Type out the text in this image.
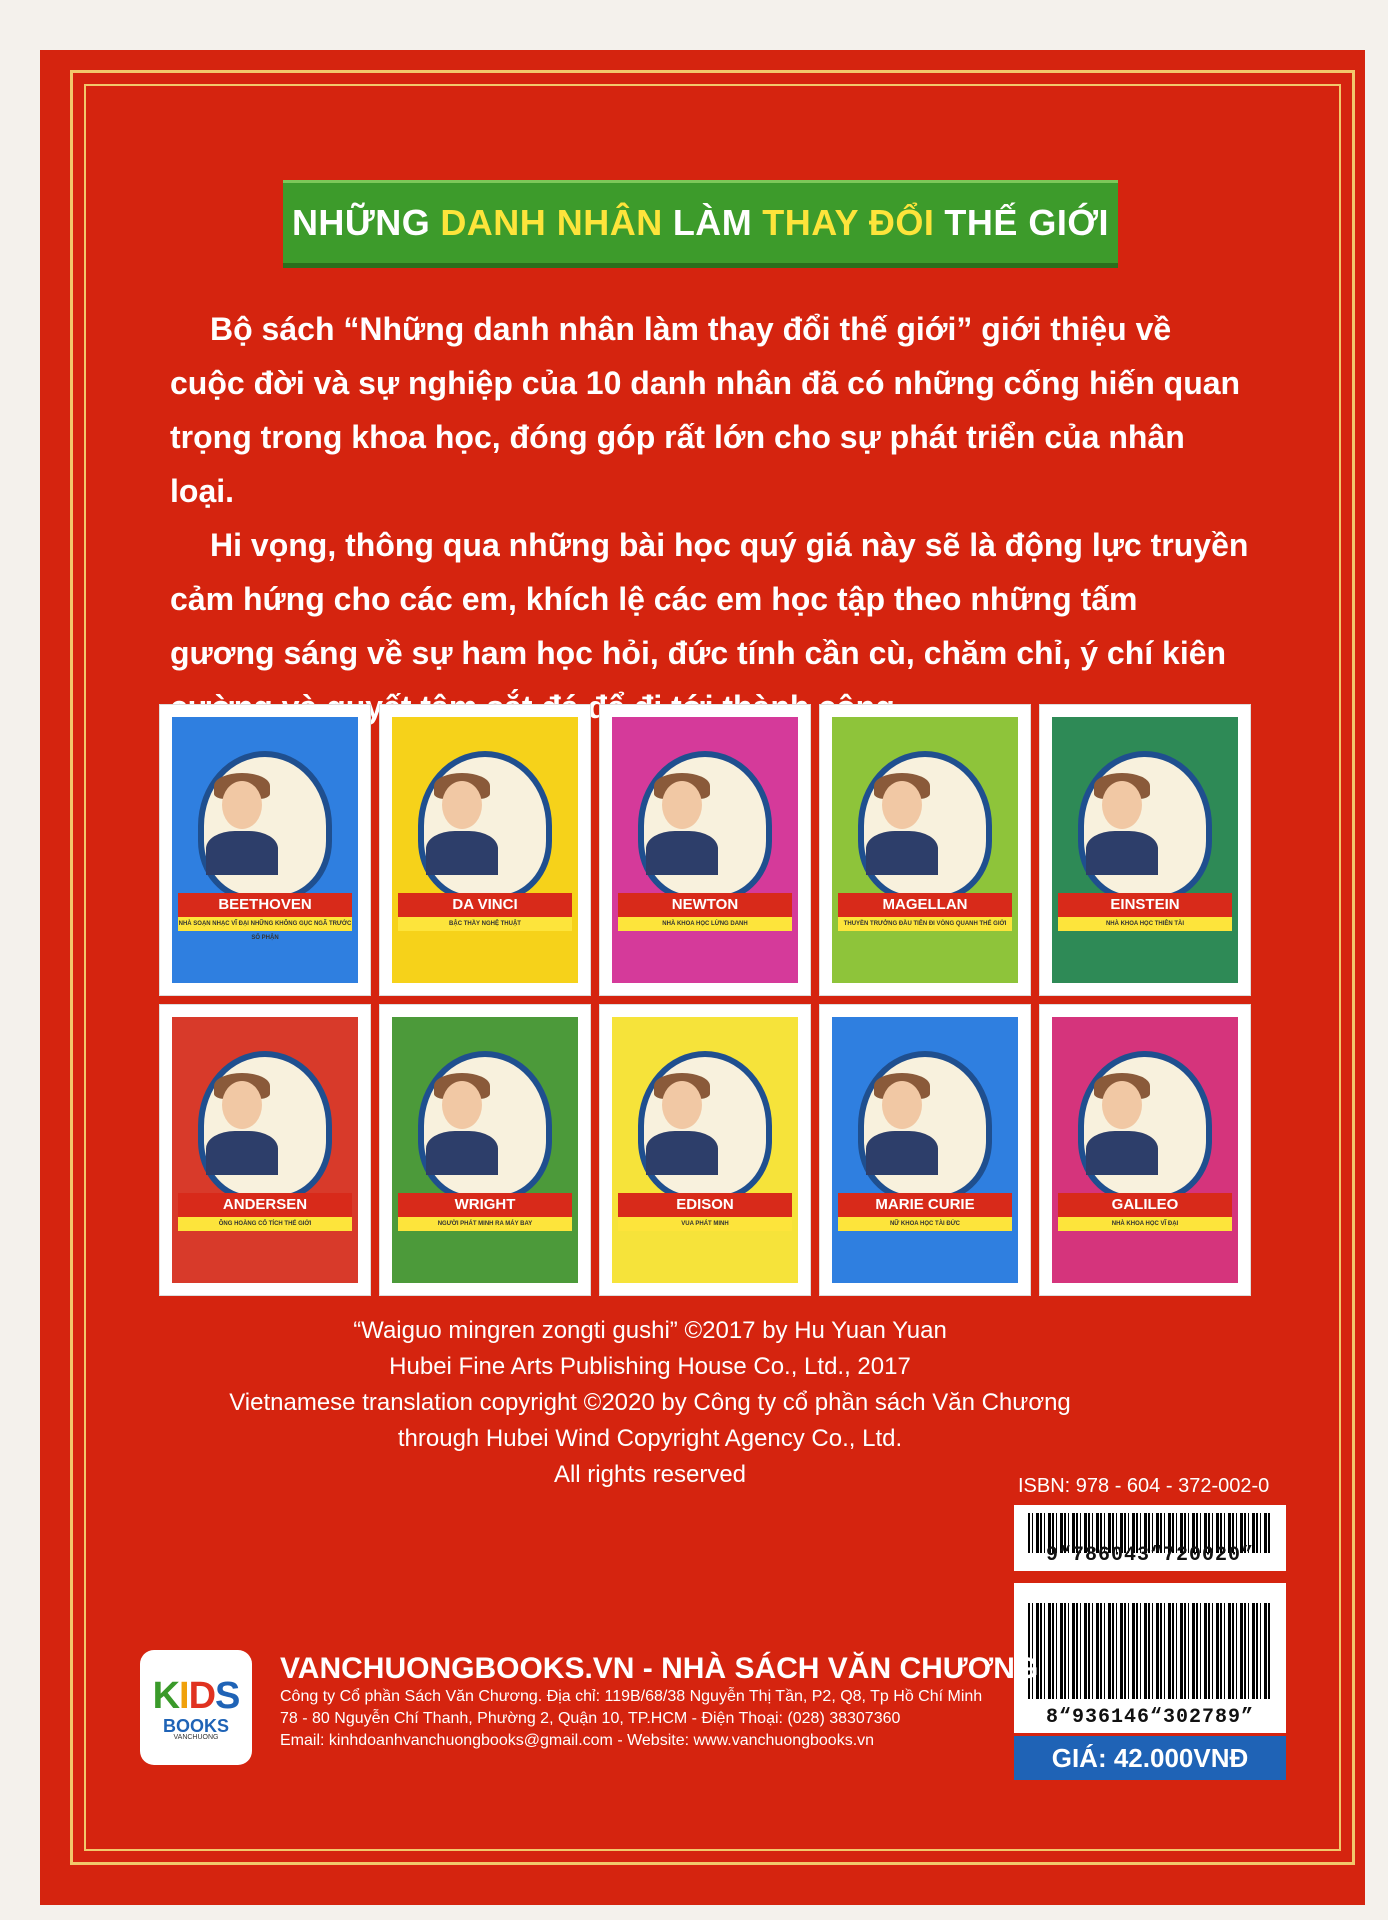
NHỮNG DANH NHÂN LÀM THAY ĐỔI THẾ GIỚI

Bộ sách “Những danh nhân làm thay đổi thế giới” giới thiệu về cuộc đời và sự nghiệp của 10 danh nhân đã có những cống hiến quan trọng trong khoa học, đóng góp rất lớn cho sự phát triển của nhân loại.

Hi vọng, thông qua những bài học quý giá này sẽ là động lực truyền cảm hứng cho các em, khích lệ các em học tập theo những tấm gương sáng về sự ham học hỏi, đức tính cần cù, chăm chỉ, ý chí kiên

BEETHOVEN
NHÀ SOẠN NHẠC VĨ ĐẠI NHỮNG KHÔNG GỤC NGÃ TRƯỚC SỐ PHẬN
DA VINCI
BẬC THẦY NGHỆ THUẬT
NEWTON
NHÀ KHOA HỌC LỪNG DANH
MAGELLAN
THUYỀN TRƯỞNG ĐẦU TIÊN ĐI VÒNG QUANH THẾ GIỚI
EINSTEIN
NHÀ KHOA HỌC THIÊN TÀI
ANDERSEN
ÔNG HOÀNG CỔ TÍCH THẾ GIỚI
WRIGHT
NGƯỜI PHÁT MINH RA MÁY BAY
EDISON
VUA PHÁT MINH
MARIE CURIE
NỮ KHOA HỌC TÀI ĐỨC
GALILEO
NHÀ KHOA HỌC VĨ ĐẠI
“Waiguo mingren zongti gushi” ©2017 by Hu Yuan Yuan
Hubei Fine Arts Publishing House Co., Ltd., 2017
Vietnamese translation copyright ©2020 by Công ty cổ phần sách Văn Chương
through Hubei Wind Copyright Agency Co., Ltd.
All rights reserved	ISBN: 978 - 604 - 372-002-0
9“786043“720020”
8“936146“302789”
GIÁ: 42.000VNĐ
KIDS
BOOKS
VANCHUONG
VANCHUONGBOOKS.VN - NHÀ SÁCH VĂN CHƯƠNG
Công ty Cổ phần Sách Văn Chương. Địa chỉ: 119B/68/38 Nguyễn Thị Tần, P2, Q8, Tp Hồ Chí Minh
78 - 80 Nguyễn Chí Thanh, Phường 2, Quận 10, TP.HCM - Điện Thoại: (028) 38307360
Email: kinhdoanhvanchuongbooks@gmail.com - Website: www.vanchuongbooks.vn
